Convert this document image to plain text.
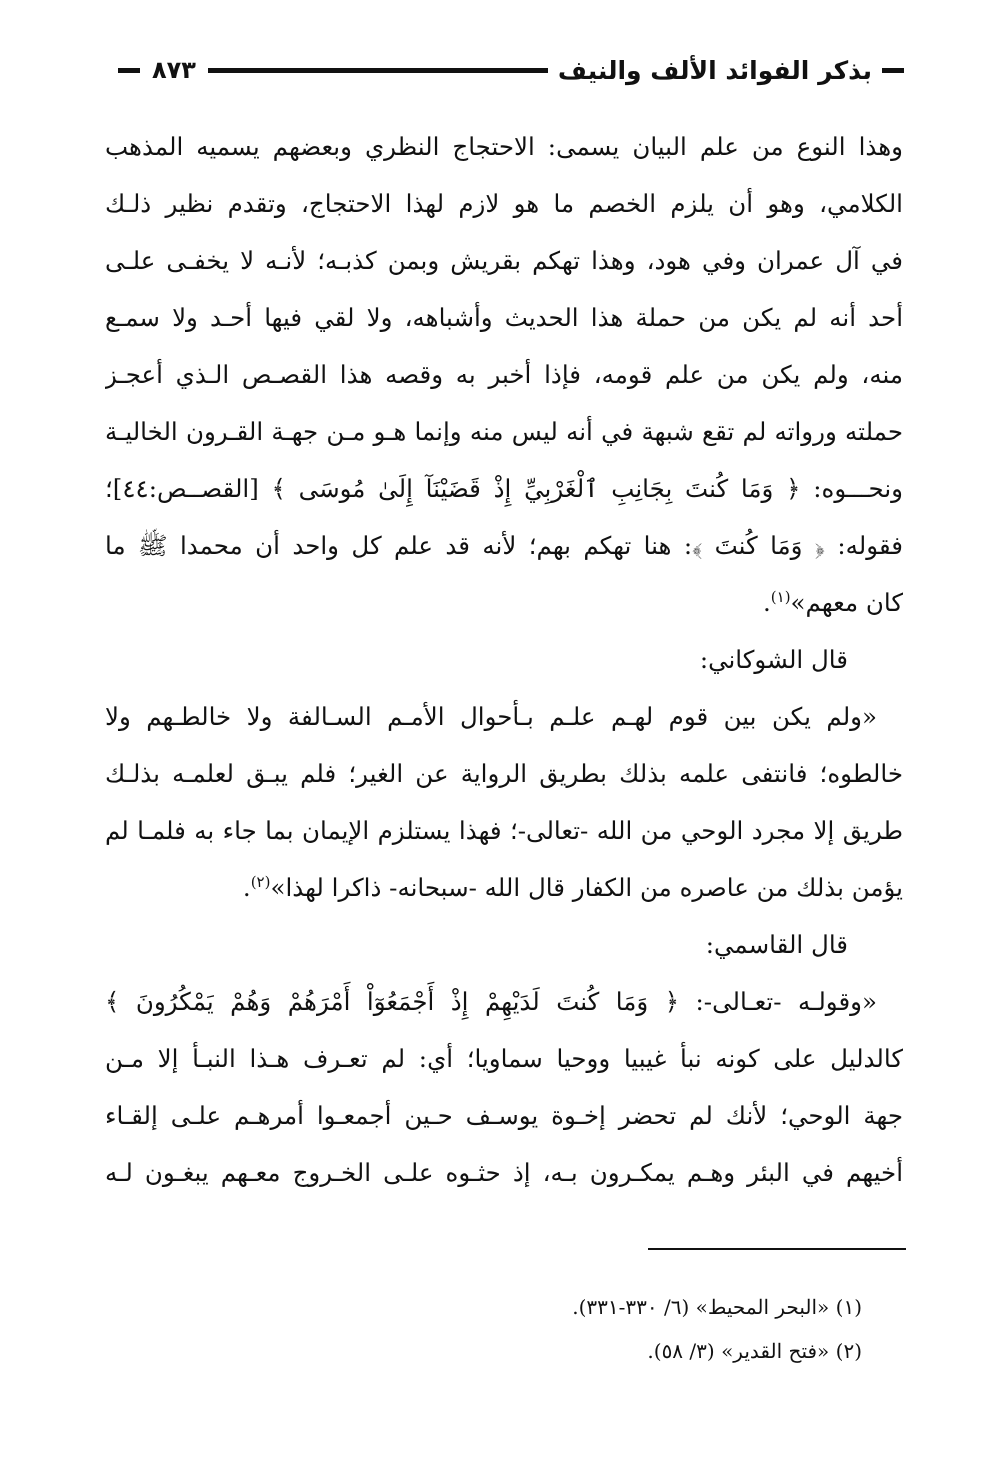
بذكر الفوائد الألف والنيف
٨٧٣
وهذا النوع من علم البيان يسمى: الاحتجاج النظري وبعضهم يسميه المذهب
الكلامي، وهو أن يلزم الخصم ما هو لازم لهذا الاحتجاج، وتقدم نظير ذلـك
في آل عمران وفي هود، وهذا تهكم بقريش وبمن كذبـه؛ لأنـه لا يخفـى علـى
أحد أنه لم يكن من حملة هذا الحديث وأشباهه، ولا لقي فيها أحـد ولا سمـع
منه، ولم يكن من علم قومه، فإذا أخبر به وقصه هذا القصـص الـذي أعجـز
حملته ورواته لم تقع شبهة في أنه ليس منه وإنما هـو مـن جهـة القـرون الخاليـة
ونحـــوه: ﴿ وَمَا كُنتَ بِجَانِبِ ٱلْغَرْبِيِّ إِذْ قَضَيْنَآ إِلَىٰ مُوسَى ﴾ [القصــص:٤٤]؛
فقوله: ﴿ وَمَا كُنتَ ﴾: هنا تهكم بهم؛ لأنه قد علم كل واحد أن محمدا ﷺ ما
كان معهم»$^{(١)}$.
قال الشوكاني:
«ولم يكن بين قوم لهـم علـم بـأحوال الأمـم السـالفة ولا خالطـهم ولا
خالطوه؛ فانتفى علمه بذلك بطريق الرواية عن الغير؛ فلم يبـق لعلمـه بذلـك
طريق إلا مجرد الوحي من الله -تعالى-؛ فهذا يستلزم الإيمان بما جاء به فلمـا لم
يؤمن بذلك من عاصره من الكفار قال الله -سبحانه- ذاكرا لهذا»$^{(٢)}$.
قال القاسمي:
«وقولـه -تعـالى-: ﴿ وَمَا كُنتَ لَدَيْهِمْ إِذْ أَجْمَعُوٓاْ أَمْرَهُمْ وَهُمْ يَمْكُرُونَ ﴾
كالدليل على كونه نبأ غيبيا ووحيا سماويا؛ أي: لم تعـرف هـذا النبـأ إلا مـن
جهة الوحي؛ لأنك لم تحضر إخـوة يوسـف حـين أجمعـوا أمرهـم علـى إلقـاء
أخيهم في البئر وهـم يمكـرون بـه، إذ حثـوه علـى الخـروج معـهم يبغـون لـه
(١) «البحر المحيط» (٦/ ٣٣٠-٣٣١).
(٢) «فتح القدير» (٣/ ٥٨).
